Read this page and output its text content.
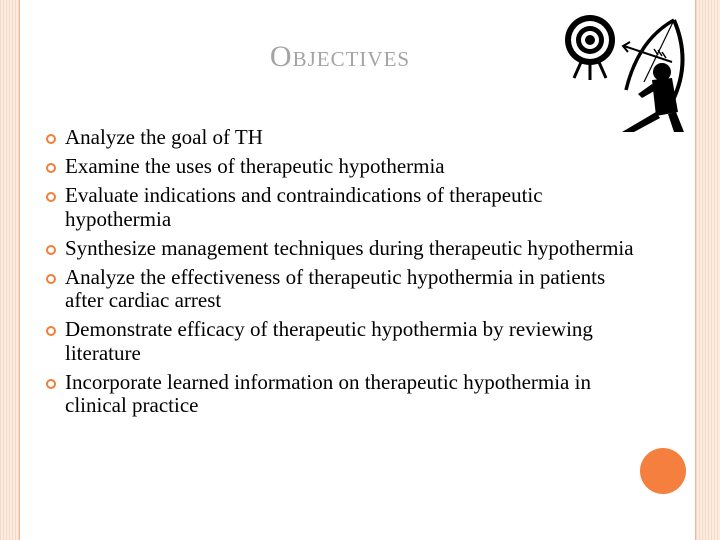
Objectives
Analyze the goal of TH
Examine the uses of therapeutic hypothermia
Evaluate indications and contraindications of therapeutic hypothermia
Synthesize management techniques during therapeutic hypothermia
Analyze the effectiveness of therapeutic hypothermia in patients after cardiac arrest
Demonstrate efficacy of therapeutic hypothermia by reviewing literature
Incorporate learned information on therapeutic hypothermia in clinical practice
